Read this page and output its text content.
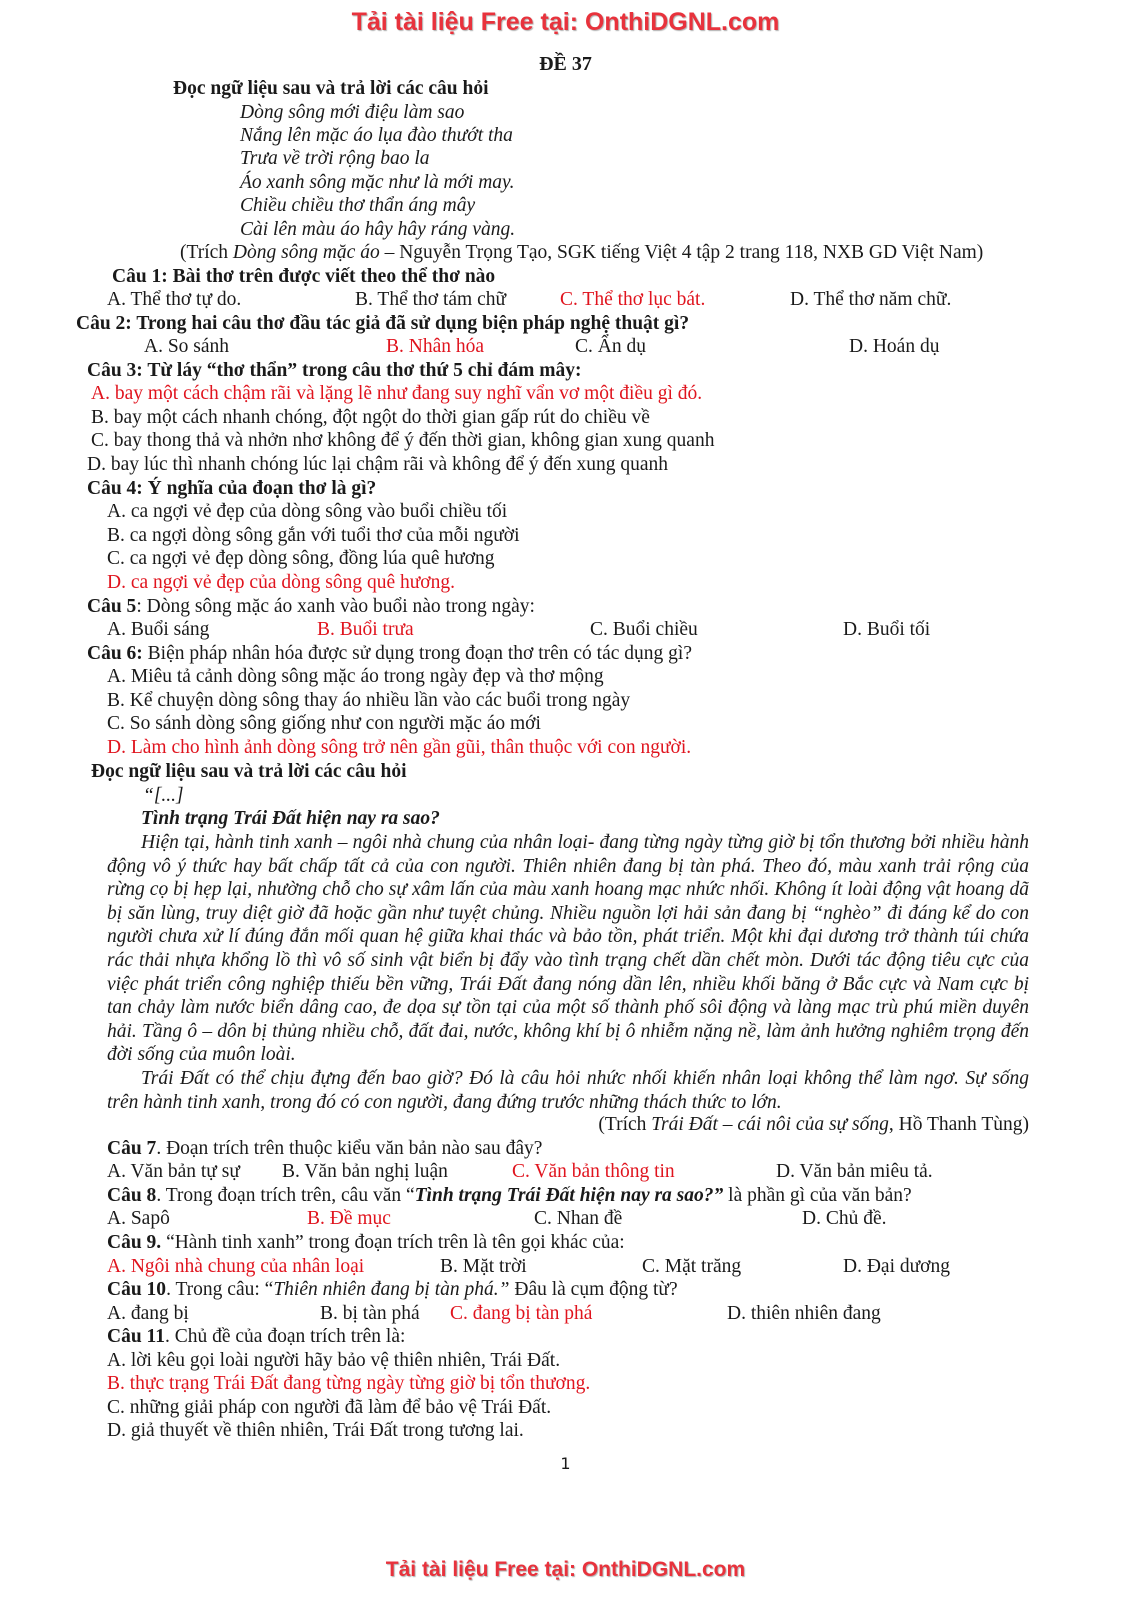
Tải tài liệu Free tại: OnthiDGNL.com
ĐỀ 37
Đọc ngữ liệu sau và trả lời các câu hỏi
Dòng sông mới điệu làm sao
Nắng lên mặc áo lụa đào thướt tha
Trưa về trời rộng bao la
Áo xanh sông mặc như là mới may.
Chiều chiều thơ thẩn áng mây
Cài lên màu áo hây hây ráng vàng.
(Trích Dòng sông mặc áo – Nguyễn Trọng Tạo, SGK tiếng Việt 4 tập 2 trang 118, NXB GD Việt Nam)
Câu 1: Bài thơ trên được viết theo thể thơ nào
A. Thể thơ tự do.	B. Thể thơ tám chữ	C. Thể thơ lục bát.	D. Thể thơ năm chữ.
Câu 2: Trong hai câu thơ đầu tác giả đã sử dụng biện pháp nghệ thuật gì?
A. So sánh	B. Nhân hóa	C. Ẩn dụ	D. Hoán dụ
Câu 3: Từ láy “thơ thẩn” trong câu thơ thứ 5 chỉ đám mây:
A. bay một cách chậm rãi và lặng lẽ như đang suy nghĩ vẩn vơ một điều gì đó.
B. bay một cách nhanh chóng, đột ngột do thời gian gấp rút do chiều về
C. bay thong thả và nhởn nhơ không để ý đến thời gian, không gian xung quanh
D. bay lúc thì nhanh chóng lúc lại chậm rãi và không để ý đến xung quanh
Câu 4: Ý nghĩa của đoạn thơ là gì?
A. ca ngợi vẻ đẹp của dòng sông vào buổi chiều tối
B. ca ngợi dòng sông gắn với tuổi thơ của mỗi người
C. ca ngợi vẻ đẹp dòng sông, đồng lúa quê hương
D. ca ngợi vẻ đẹp của dòng sông quê hương.
Câu 5: Dòng sông mặc áo xanh vào buổi nào trong ngày:
A. Buổi sáng	B. Buổi trưa	C. Buổi chiều	D. Buổi tối
Câu 6: Biện pháp nhân hóa được sử dụng trong đoạn thơ trên có tác dụng gì?
A. Miêu tả cảnh dòng sông mặc áo trong ngày đẹp và thơ mộng
B. Kể chuyện dòng sông thay áo nhiều lần vào các buổi trong ngày
C. So sánh dòng sông giống như con người mặc áo mới
D. Làm cho hình ảnh dòng sông trở nên gần gũi, thân thuộc với con người.
Đọc ngữ liệu sau và trả lời các câu hỏi
“[...]
Tình trạng Trái Đất hiện nay ra sao?

Hiện tại, hành tinh xanh – ngôi nhà chung của nhân loại- đang từng ngày từng giờ bị tổn thương bởi nhiều hành động vô ý thức hay bất chấp tất cả của con người. Thiên nhiên đang bị tàn phá. Theo đó, màu xanh trải rộng của rừng cọ bị hẹp lại, nhường chỗ cho sự xâm lấn của màu xanh hoang mạc nhức nhối. Không ít loài động vật hoang dã bị săn lùng, truy diệt giờ đã hoặc gần như tuyệt chủng. Nhiều nguồn lợi hải sản đang bị “nghèo” đi đáng kể do con người chưa xử lí đúng đắn mối quan hệ giữa khai thác và bảo tồn, phát triển. Một khi đại dương trở thành túi chứa rác thải nhựa khổng lồ thì vô số sinh vật biển bị đẩy vào tình trạng chết dần chết mòn. Dưới tác động tiêu cực của việc phát triển công nghiệp thiếu bền vững, Trái Đất đang nóng dần lên, nhiều khối băng ở Bắc cực và Nam cực bị tan chảy làm nước biển dâng cao, đe dọa sự tồn tại của một số thành phố sôi động và làng mạc trù phú miền duyên hải. Tầng ô – dôn bị thủng nhiều chỗ, đất đai, nước, không khí bị ô nhiễm nặng nề, làm ảnh hưởng nghiêm trọng đến đời sống của muôn loài.

Trái Đất có thể chịu đựng đến bao giờ? Đó là câu hỏi nhức nhối khiến nhân loại không thể làm ngơ. Sự sống trên hành tinh xanh, trong đó có con người, đang đứng trước những thách thức to lớn.

(Trích Trái Đất – cái nôi của sự sống, Hồ Thanh Tùng)
Câu 7. Đoạn trích trên thuộc kiểu văn bản nào sau đây?
A. Văn bản tự sự B. Văn bản nghị luận	C. Văn bản thông tin	D. Văn bản miêu tả.
Câu 8. Trong đoạn trích trên, câu văn “Tình trạng Trái Đất hiện nay ra sao?” là phần gì của văn bản?
A. Sapô	B. Đề mục	C. Nhan đề	D. Chủ đề.
Câu 9. “Hành tinh xanh” trong đoạn trích trên là tên gọi khác của:
A. Ngôi nhà chung của nhân loại	B. Mặt trời	C. Mặt trăng	D. Đại dương
Câu 10. Trong câu: “Thiên nhiên đang bị tàn phá.” Đâu là cụm động từ?
A. đang bị	B. bị tàn phá C. đang bị tàn phá	D. thiên nhiên đang
Câu 11. Chủ đề của đoạn trích trên là:
A. lời kêu gọi loài người hãy bảo vệ thiên nhiên, Trái Đất.
B. thực trạng Trái Đất đang từng ngày từng giờ bị tổn thương.
C. những giải pháp con người đã làm để bảo vệ Trái Đất.
D. giả thuyết về thiên nhiên, Trái Đất trong tương lai.
1
Tải tài liệu Free tại: OnthiDGNL.com
